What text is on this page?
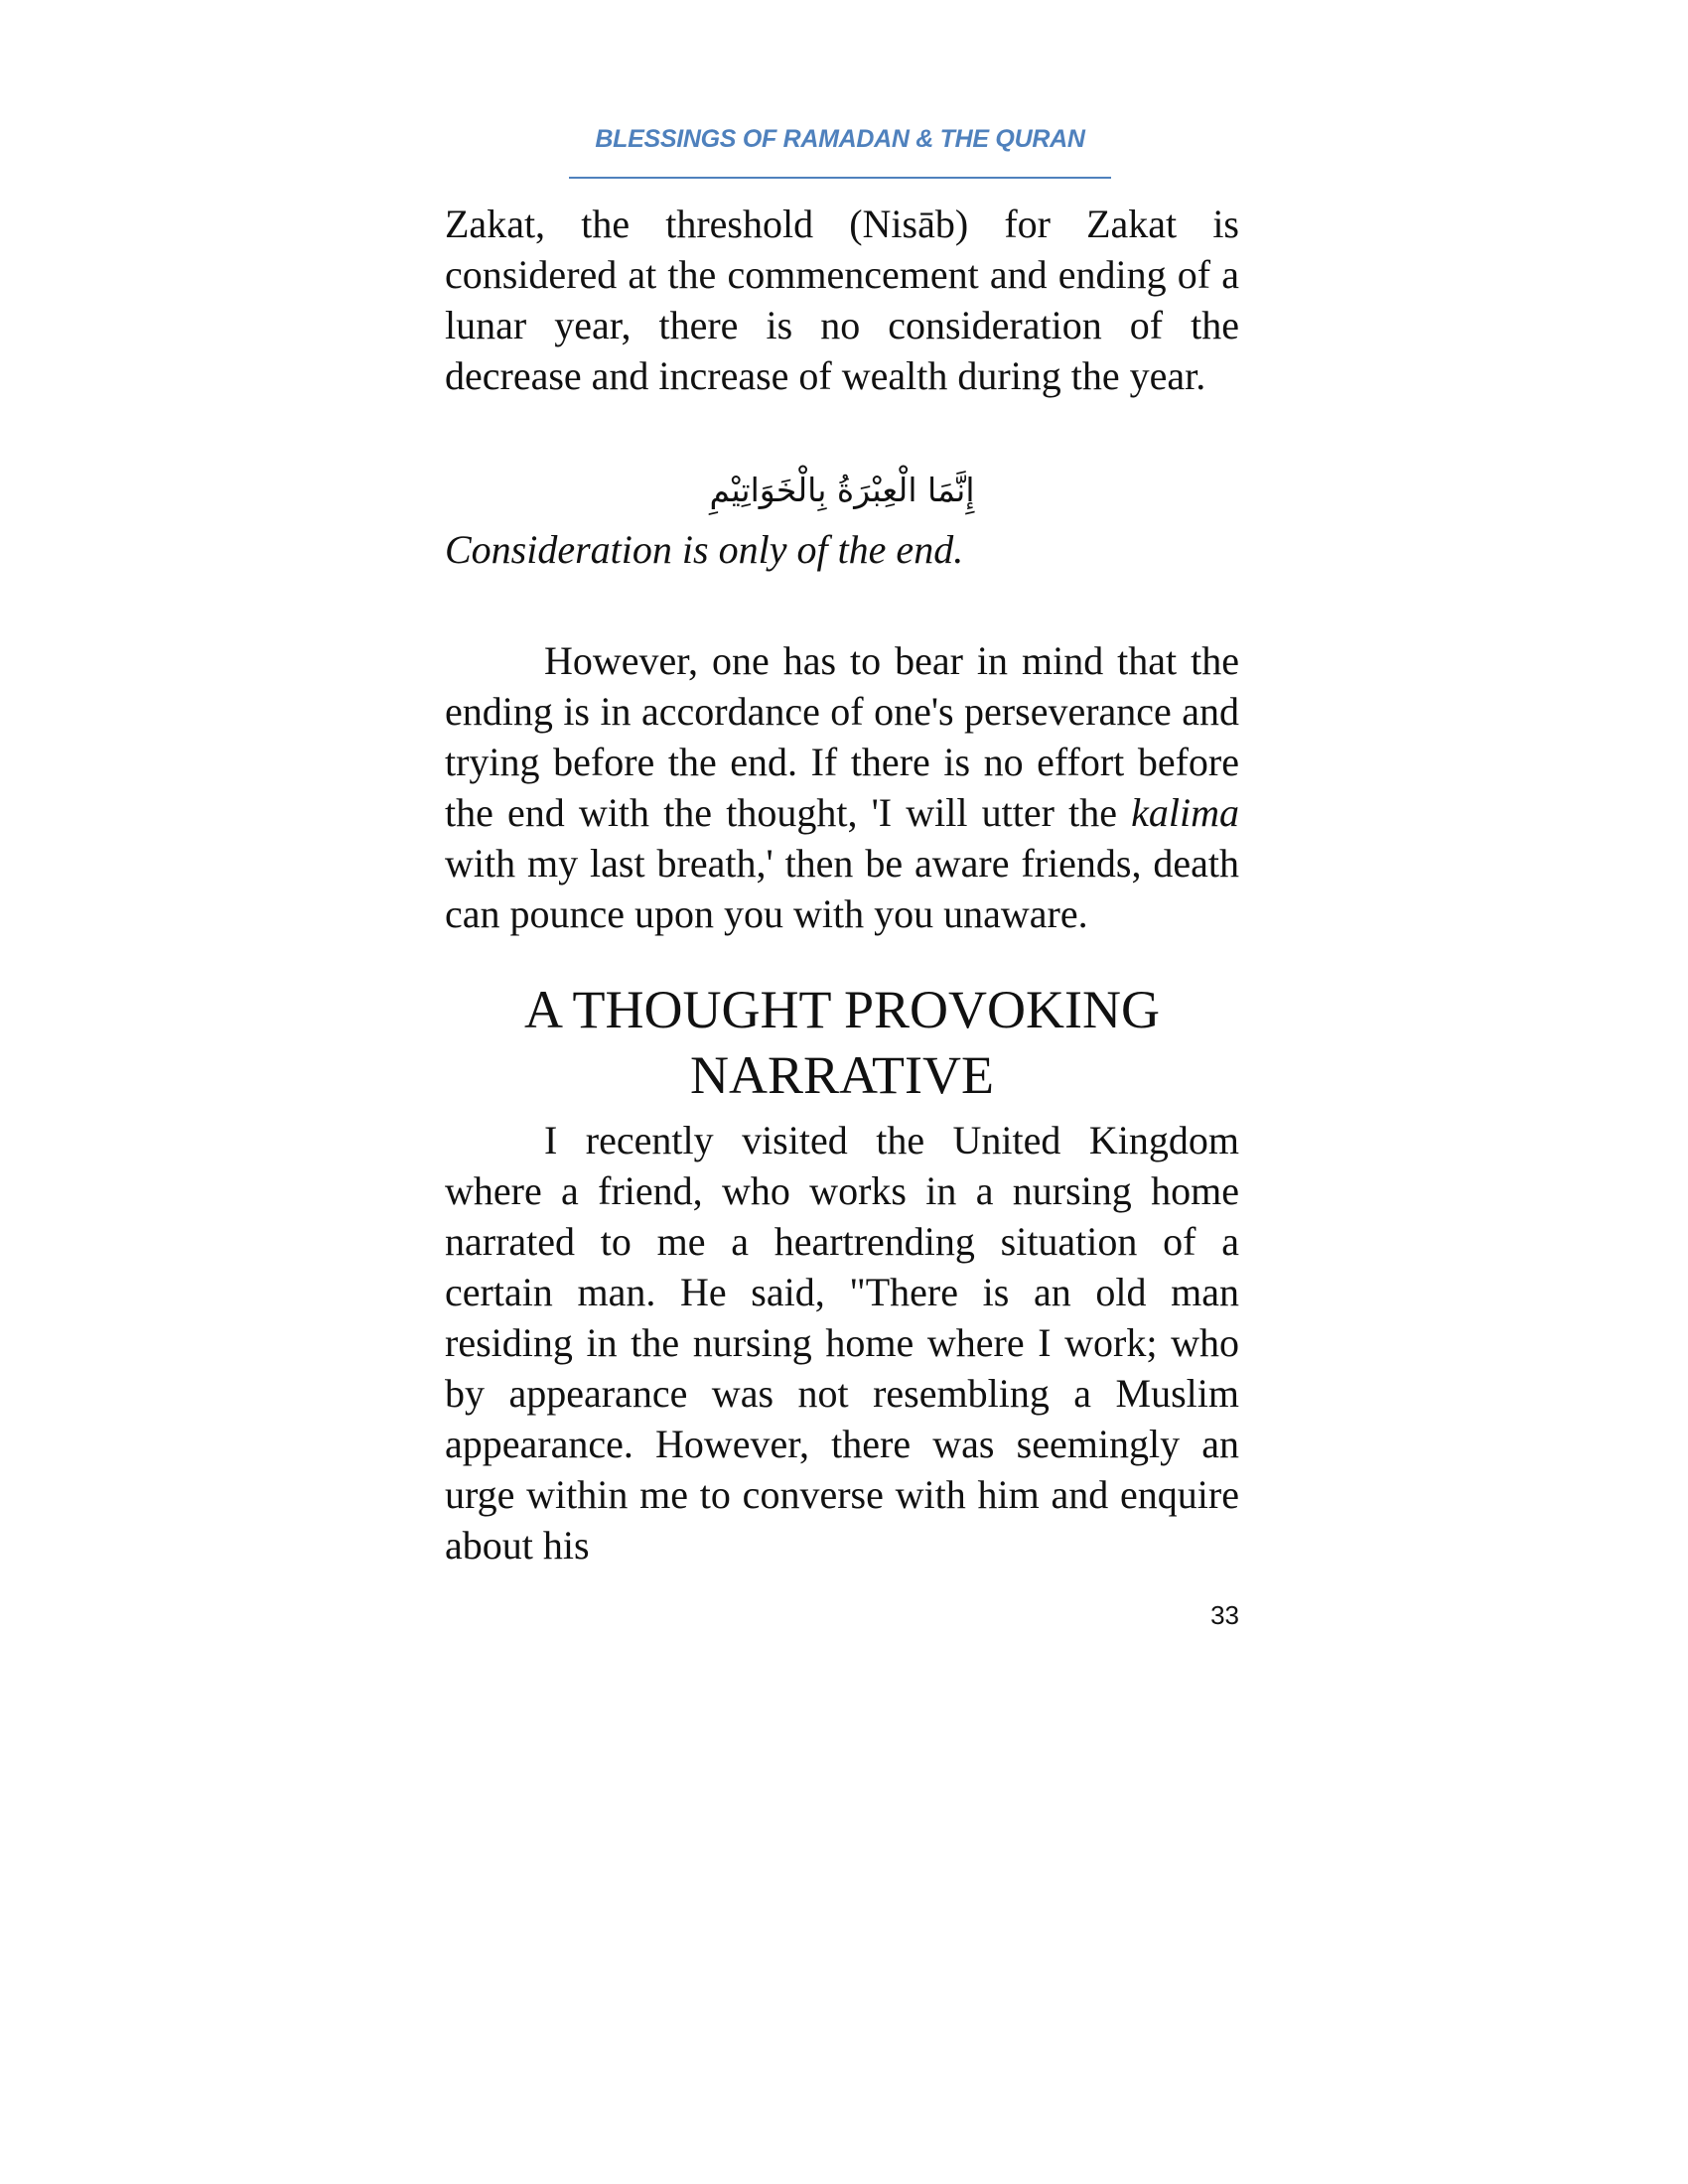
BLESSINGS OF RAMADAN & THE QURAN

Zakat, the threshold (Nisāb) for Zakat is considered at the commencement and ending of a lunar year, there is no consideration of the decrease and increase of wealth during the year.

إِنَّمَا الْعِبْرَةُ بِالْخَوَاتِيْمِ
Consideration is only of the end.

However, one has to bear in mind that the ending is in accordance of one's perseverance and trying before the end. If there is no effort before the end with the thought, 'I will utter the kalima with my last breath,' then be aware friends, death can pounce upon you with you unaware.

A THOUGHT PROVOKING
NARRATIVE

I recently visited the United Kingdom where a friend, who works in a nursing home narrated to me a heartrending situation of a certain man. He said, "There is an old man residing in the nursing home where I work; who by appearance was not resembling a Muslim appearance. However, there was seemingly an urge within me to converse with him and enquire about his

33
